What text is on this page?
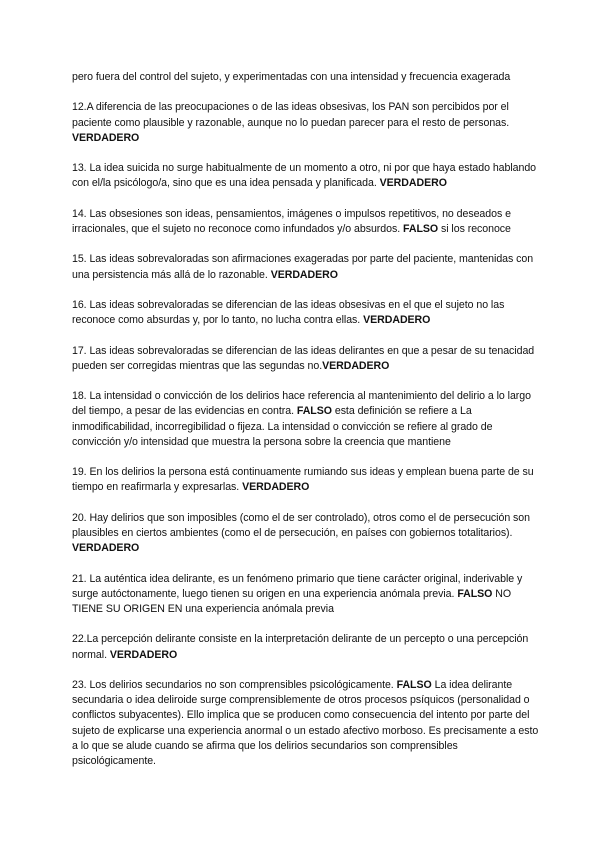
pero fuera del control del sujeto, y experimentadas con una intensidad y frecuencia exagerada

12.A diferencia de las preocupaciones o de las ideas obsesivas, los PAN son percibidos por el paciente como plausible y razonable, aunque no lo puedan parecer para el resto de personas. VERDADERO

13. La idea suicida no surge habitualmente de un momento a otro, ni por que haya estado hablando con el/la psicólogo/a, sino que es una idea pensada y planificada. VERDADERO

14. Las obsesiones son ideas, pensamientos, imágenes o impulsos repetitivos, no deseados e irracionales, que el sujeto no reconoce como infundados y/o absurdos. FALSO si los reconoce

15. Las ideas sobrevaloradas son afirmaciones exageradas por parte del paciente, mantenidas con una persistencia más allá de lo razonable. VERDADERO

16. Las ideas sobrevaloradas se diferencian de las ideas obsesivas en el que el sujeto no las reconoce como absurdas y, por lo tanto, no lucha contra ellas. VERDADERO

17. Las ideas sobrevaloradas se diferencian de las ideas delirantes en que a pesar de su tenacidad pueden ser corregidas mientras que las segundas no.VERDADERO

18. La intensidad o convicción de los delirios hace referencia al mantenimiento del delirio a lo largo del tiempo, a pesar de las evidencias en contra. FALSO esta definición se refiere a La inmodificabilidad, incorregibilidad o fijeza. La intensidad o convicción se refiere al grado de convicción y/o intensidad que muestra la persona sobre la creencia que mantiene

19. En los delirios la persona está continuamente rumiando sus ideas y emplean buena parte de su tiempo en reafirmarla y expresarlas. VERDADERO

20. Hay delirios que son imposibles (como el de ser controlado), otros como el de persecución son plausibles en ciertos ambientes (como el de persecución, en países con gobiernos totalitarios). VERDADERO

21. La auténtica idea delirante, es un fenómeno primario que tiene carácter original, inderivable y surge autóctonamente, luego tienen su origen en una experiencia anómala previa. FALSO NO TIENE SU ORIGEN EN una experiencia anómala previa

22.La percepción delirante consiste en la interpretación delirante de un percepto o una percepción normal. VERDADERO

23. Los delirios secundarios no son comprensibles psicológicamente. FALSO La idea delirante secundaria o idea deliroide surge comprensiblemente de otros procesos psíquicos (personalidad o conflictos subyacentes). Ello implica que se producen como consecuencia del intento por parte del sujeto de explicarse una experiencia anormal o un estado afectivo morboso. Es precisamente a esto a lo que se alude cuando se afirma que los delirios secundarios son comprensibles psicológicamente.
